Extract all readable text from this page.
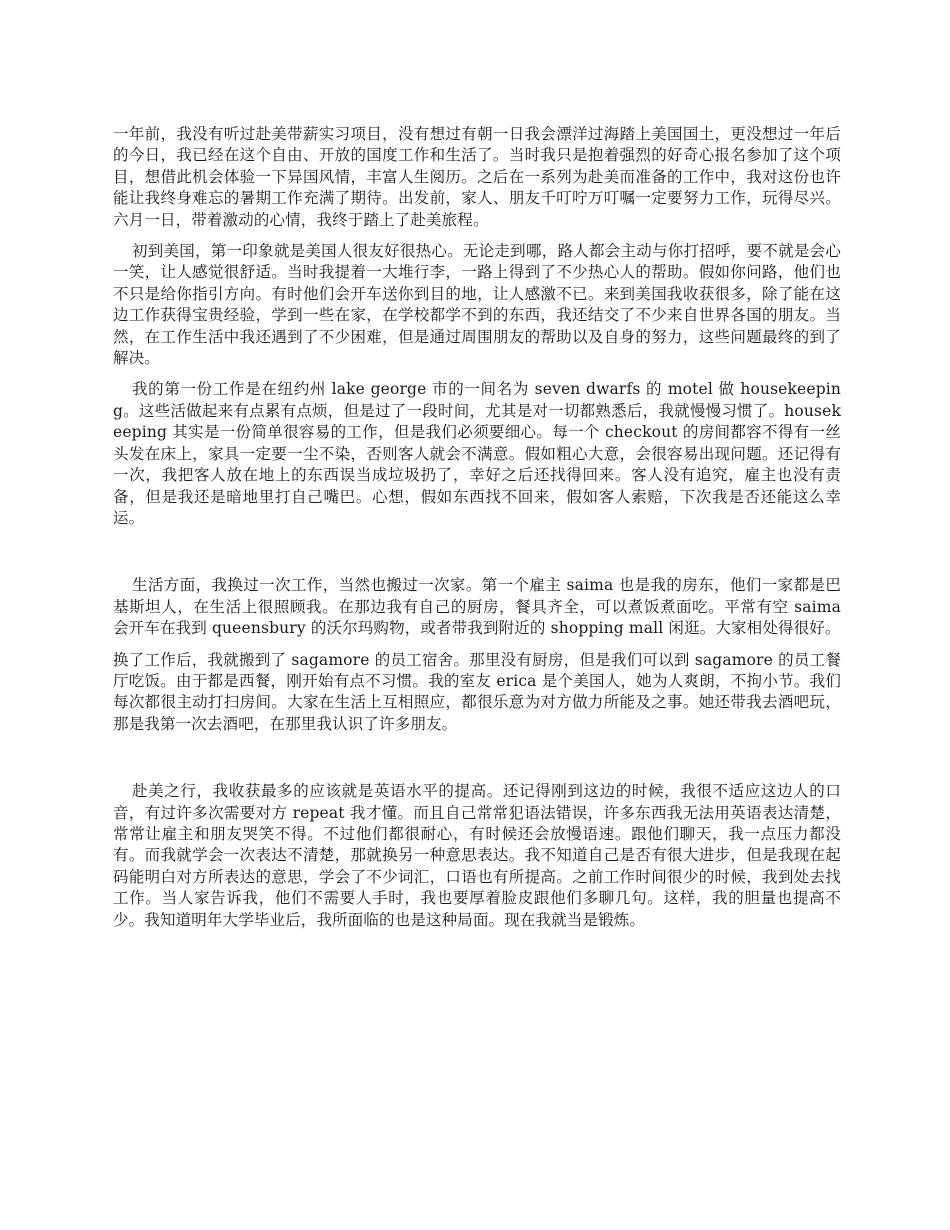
一年前，我没有听过赴美带薪实习项目，没有想过有朝一日我会漂洋过海踏上美国国土，更没想过一年后的今日，我已经在这个自由、开放的国度工作和生活了。当时我只是抱着强烈的好奇心报名参加了这个项目，想借此机会体验一下异国风情，丰富人生阅历。之后在一系列为赴美而准备的工作中，我对这份也许能让我终身难忘的暑期工作充满了期待。出发前，家人、朋友千叮咛万叮嘱一定要努力工作，玩得尽兴。六月一日，带着激动的心情，我终于踏上了赴美旅程。

初到美国，第一印象就是美国人很友好很热心。无论走到哪，路人都会主动与你打招呼，要不就是会心一笑，让人感觉很舒适。当时我提着一大堆行李，一路上得到了不少热心人的帮助。假如你问路，他们也不只是给你指引方向。有时他们会开车送你到目的地，让人感激不已。来到美国我收获很多，除了能在这边工作获得宝贵经验，学到一些在家，在学校都学不到的东西，我还结交了不少来自世界各国的朋友。当然，在工作生活中我还遇到了不少困难，但是通过周围朋友的帮助以及自身的努力，这些问题最终的到了解决。

我的第一份工作是在纽约州 lake george 市的一间名为 seven dwarfs 的 motel 做 housekeeping。这些活做起来有点累有点烦，但是过了一段时间，尤其是对一切都熟悉后，我就慢慢习惯了。housekeeping 其实是一份简单很容易的工作，但是我们必须要细心。每一个 checkout 的房间都容不得有一丝头发在床上，家具一定要一尘不染，否则客人就会不满意。假如粗心大意，会很容易出现问题。还记得有一次，我把客人放在地上的东西误当成垃圾扔了，幸好之后还找得回来。客人没有追究，雇主也没有责备，但是我还是暗地里打自己嘴巴。心想，假如东西找不回来，假如客人索赔，下次我是否还能这么幸运。

生活方面，我换过一次工作，当然也搬过一次家。第一个雇主 saima 也是我的房东，他们一家都是巴基斯坦人，在生活上很照顾我。在那边我有自己的厨房，餐具齐全，可以煮饭煮面吃。平常有空 saima 会开车在我到 queensbury 的沃尔玛购物，或者带我到附近的 shopping mall 闲逛。大家相处得很好。

换了工作后，我就搬到了 sagamore 的员工宿舍。那里没有厨房，但是我们可以到 sagamore 的员工餐厅吃饭。由于都是西餐，刚开始有点不习惯。我的室友 erica 是个美国人，她为人爽朗，不拘小节。我们每次都很主动打扫房间。大家在生活上互相照应，都很乐意为对方做力所能及之事。她还带我去酒吧玩，那是我第一次去酒吧，在那里我认识了许多朋友。

赴美之行，我收获最多的应该就是英语水平的提高。还记得刚到这边的时候，我很不适应这边人的口音，有过许多次需要对方 repeat 我才懂。而且自己常常犯语法错误，许多东西我无法用英语表达清楚，常常让雇主和朋友哭笑不得。不过他们都很耐心，有时候还会放慢语速。跟他们聊天，我一点压力都没有。而我就学会一次表达不清楚，那就换另一种意思表达。我不知道自己是否有很大进步，但是我现在起码能明白对方所表达的意思，学会了不少词汇，口语也有所提高。之前工作时间很少的时候，我到处去找工作。当人家告诉我，他们不需要人手时，我也要厚着脸皮跟他们多聊几句。这样，我的胆量也提高不少。我知道明年大学毕业后，我所面临的也是这种局面。现在我就当是锻炼。
